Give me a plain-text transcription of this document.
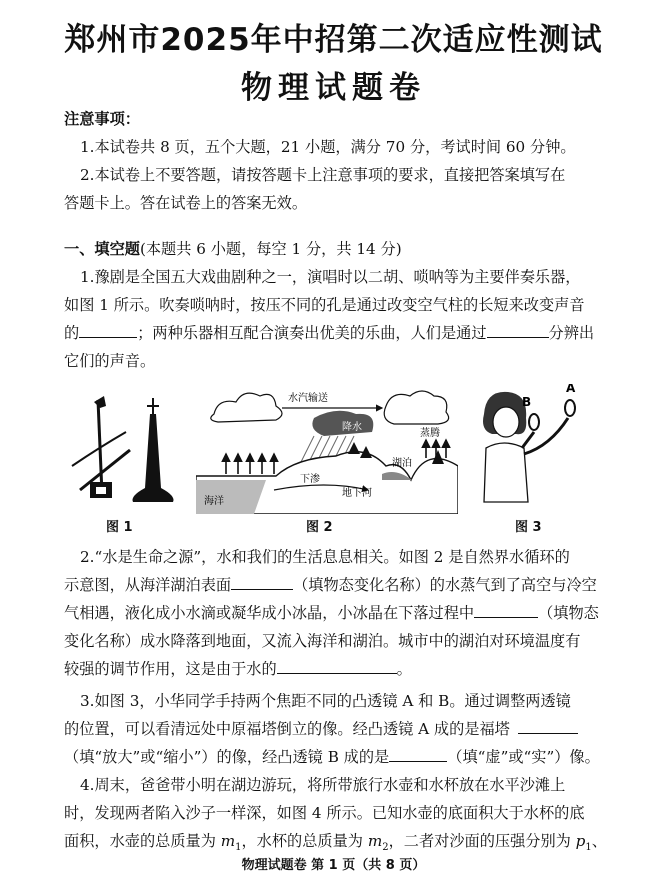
郑州市2025年中招第二次适应性测试
物理试题卷
注意事项：
1.本试卷共 8 页，五个大题，21 小题，满分 70 分，考试时间 60 分钟。
2.本试卷上不要答题，请按答题卡上注意事项的要求，直接把答案填写在
答题卡上。答在试卷上的答案无效。
一、填空题(本题共 6 小题，每空 1 分，共 14 分)
1.豫剧是全国五大戏曲剧种之一，演唱时以二胡、唢呐等为主要伴奏乐器，
如图 1 所示。吹奏唢呐时，按压不同的孔是通过改变空气柱的长短来改变声音
的	；两种乐器相互配合演奏出优美的乐曲，人们是通过	分辨出
它们的声音。
图 1
水汽输送
降水
蒸腾
湖泊
下渗
地下河
海洋
图 2
B
A
图 3
2.“水是生命之源”，水和我们的生活息息相关。如图 2 是自然界水循环的
示意图，从海洋湖泊表面	（填物态变化名称）的水蒸气到了高空与冷空
气相遇，液化成小水滴或凝华成小冰晶，小冰晶在下落过程中	（填物态
变化名称）成水降落到地面，又流入海洋和湖泊。城市中的湖泊对环境温度有
较强的调节作用，这是由于水的	。
3.如图 3，小华同学手持两个焦距不同的凸透镜 A 和 B。通过调整两透镜
的位置，可以看清远处中原福塔倒立的像。经凸透镜 A 成的是福塔
（填“放大”或“缩小”）的像，经凸透镜 B 成的是	（填“虚”或“实”）像。
4.周末，爸爸带小明在湖边游玩，将所带旅行水壶和水杯放在水平沙滩上
时，发现两者陷入沙子一样深，如图 4 所示。已知水壶的底面积大于水杯的底
面积，水壶的总质量为 $m_1$，水杯的总质量为 $m_2$，二者对沙面的压强分别为 $p_1$、
物理试题卷 第 1 页（共 8 页）
